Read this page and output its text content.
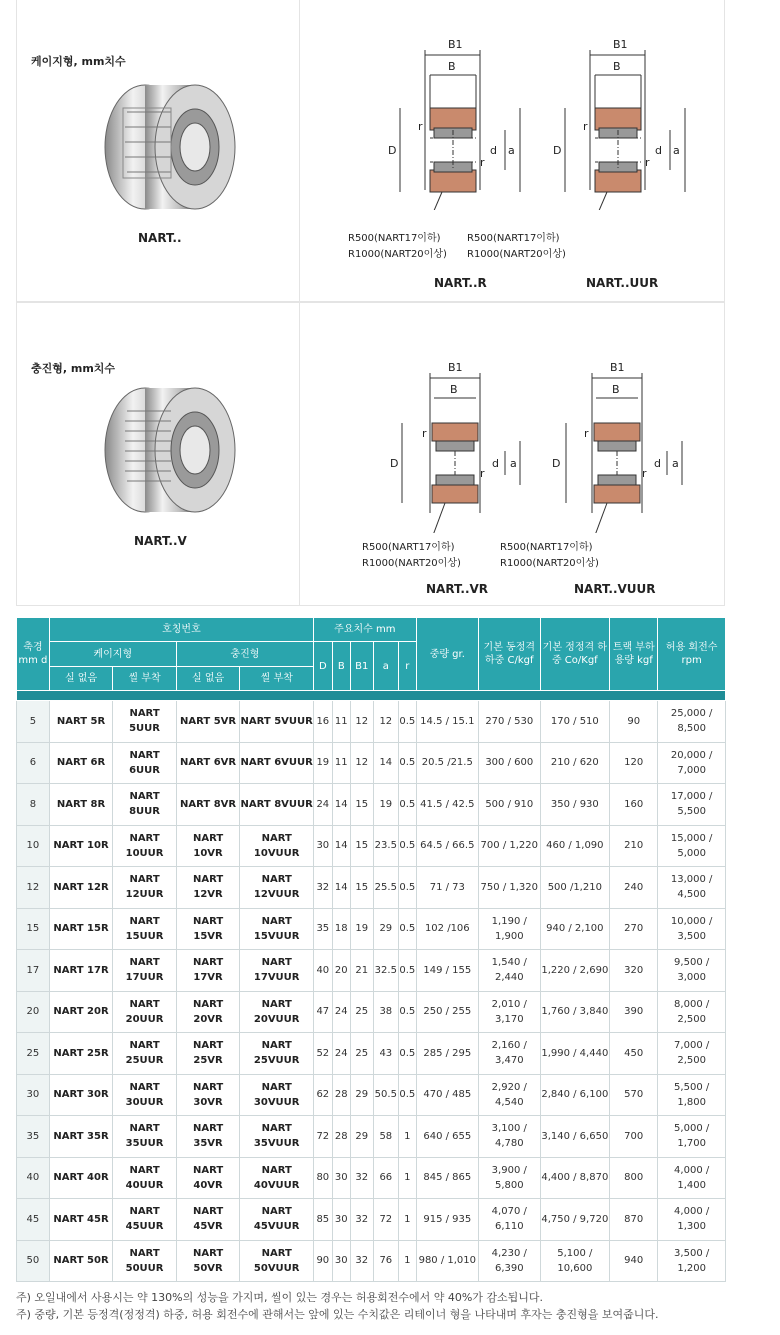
케이지형, mm치수
NART..
B1
B
D	d a
r
r
B1
B
D	d a
r
r
R500(NART17이하)
R1000(NART20이상)
R500(NART17이하)
R1000(NART20이상)
NART..R	NART..UUR
충진형, mm치수
NART..V
B1
B
D	d a
r
r
B1
B
D	d a
r
r
R500(NART17이하)
R1000(NART20이상)
R500(NART17이하)
R1000(NART20이상)
NART..VR	NART..VUUR
축경 mm d	호칭번호				주요치수 mm					중량 gr.	기본 동정격 하중 C/kgf	기본 정정격 하중 Co/Kgf	트랙 부하 용량 kgf	허용 회전수 rpm
	케이지형		충진형		D	B	B1	a	r					
	실 없음	씰 부착	실 없음	씰 부착										

5	NART 5R	NART 5UUR	NART 5VR	NART 5VUUR	16	11	12	12	0.5	14.5 / 15.1	270 / 530	170 / 510	90	25,000 / 8,500
6	NART 6R	NART 6UUR	NART 6VR	NART 6VUUR	19	11	12	14	0.5	20.5 /21.5	300 / 600	210 / 620	120	20,000 / 7,000
8	NART 8R	NART 8UUR	NART 8VR	NART 8VUUR	24	14	15	19	0.5	41.5 / 42.5	500 / 910	350 / 930	160	17,000 / 5,500
10	NART 10R	NART 10UUR	NART 10VR	NART 10VUUR	30	14	15	23.5	0.5	64.5 / 66.5	700 / 1,220	460 / 1,090	210	15,000 / 5,000
12	NART 12R	NART 12UUR	NART 12VR	NART 12VUUR	32	14	15	25.5	0.5	71 / 73	750 / 1,320	500 /1,210	240	13,000 / 4,500
15	NART 15R	NART 15UUR	NART 15VR	NART 15VUUR	35	18	19	29	0.5	102 /106	1,190 / 1,900	940 / 2,100	270	10,000 / 3,500
17	NART 17R	NART 17UUR	NART 17VR	NART 17VUUR	40	20	21	32.5	0.5	149 / 155	1,540 / 2,440	1,220 / 2,690	320	9,500 / 3,000
20	NART 20R	NART 20UUR	NART 20VR	NART 20VUUR	47	24	25	38	0.5	250 / 255	2,010 / 3,170	1,760 / 3,840	390	8,000 / 2,500
25	NART 25R	NART 25UUR	NART 25VR	NART 25VUUR	52	24	25	43	0.5	285 / 295	2,160 / 3,470	1,990 / 4,440	450	7,000 / 2,500
30	NART 30R	NART 30UUR	NART 30VR	NART 30VUUR	62	28	29	50.5	0.5	470 / 485	2,920 / 4,540	2,840 / 6,100	570	5,500 / 1,800
35	NART 35R	NART 35UUR	NART 35VR	NART 35VUUR	72	28	29	58	1	640 / 655	3,100 / 4,780	3,140 / 6,650	700	5,000 / 1,700
40	NART 40R	NART 40UUR	NART 40VR	NART 40VUUR	80	30	32	66	1	845 / 865	3,900 / 5,800	4,400 / 8,870	800	4,000 / 1,400
45	NART 45R	NART 45UUR	NART 45VR	NART 45VUUR	85	30	32	72	1	915 / 935	4,070 / 6,110	4,750 / 9,720	870	4,000 / 1,300
50	NART 50R	NART 50UUR	NART 50VR	NART 50VUUR	90	30	32	76	1	980 / 1,010	4,230 / 6,390	5,100 / 10,600	940	3,500 / 1,200
주) 오일내에서 사용시는 약 130%의 성능을 가지며, 씰이 있는 경우는 허용회전수에서 약 40%가 감소됩니다.
주) 중량, 기본 등정격(정정격) 하중, 허용 회전수에 관해서는 앞에 있는 수치값은 리테이너 형을 나타내며 후자는 충진형을 보여줍니다.
